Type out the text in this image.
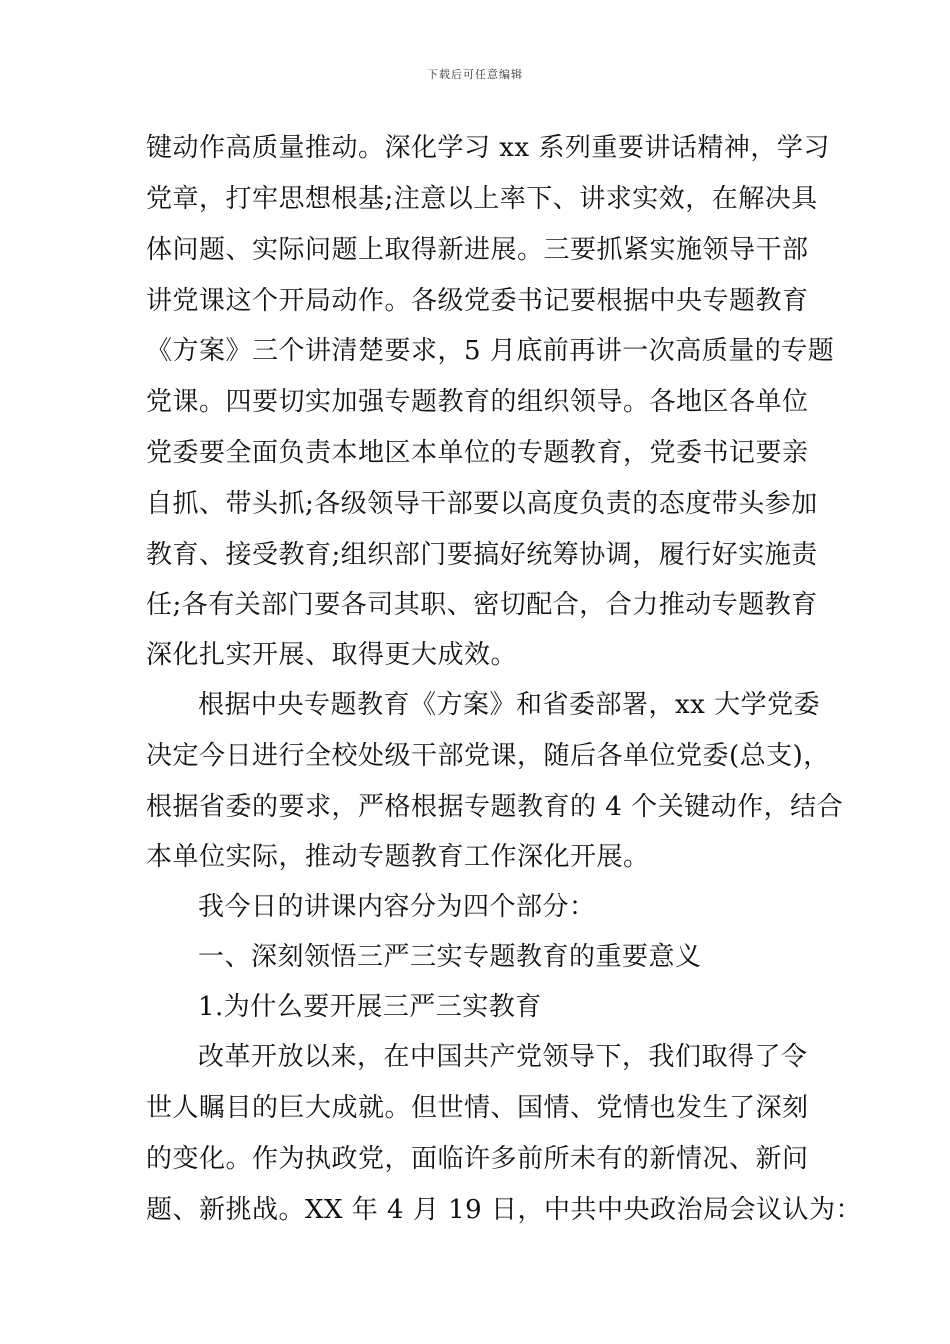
下载后可任意编辑
键动作高质量推动。深化学习 xx 系列重要讲话精神，学习
党章，打牢思想根基;注意以上率下、讲求实效，在解决具
体问题、实际问题上取得新进展。三要抓紧实施领导干部
讲党课这个开局动作。各级党委书记要根据中央专题教育
《方案》三个讲清楚要求，5 月底前再讲一次高质量的专题
党课。四要切实加强专题教育的组织领导。各地区各单位
党委要全面负责本地区本单位的专题教育，党委书记要亲
自抓、带头抓;各级领导干部要以高度负责的态度带头参加
教育、接受教育;组织部门要搞好统筹协调，履行好实施责
任;各有关部门要各司其职、密切配合，合力推动专题教育
深化扎实开展、取得更大成效。
根据中央专题教育《方案》和省委部署，xx 大学党委
决定今日进行全校处级干部党课，随后各单位党委(总支)，
根据省委的要求，严格根据专题教育的 4 个关键动作，结合
本单位实际，推动专题教育工作深化开展。
我今日的讲课内容分为四个部分：
一、深刻领悟三严三实专题教育的重要意义
1.为什么要开展三严三实教育
改革开放以来，在中国共产党领导下，我们取得了令
世人瞩目的巨大成就。但世情、国情、党情也发生了深刻
的变化。作为执政党，面临许多前所未有的新情况、新问
题、新挑战。XX 年 4 月 19 日，中共中央政治局会议认为：
